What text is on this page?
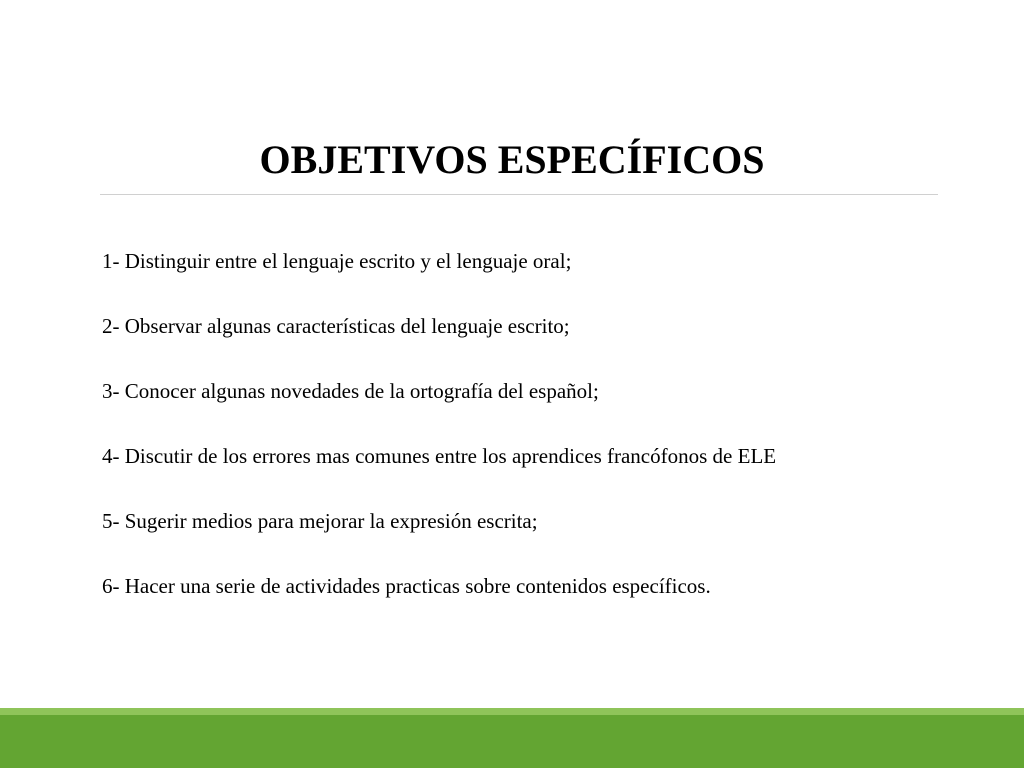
OBJETIVOS ESPECÍFICOS
1- Distinguir entre el lenguaje escrito y el lenguaje oral;
2- Observar algunas características del lenguaje escrito;
3- Conocer algunas novedades de la ortografía del español;
4- Discutir de los errores mas comunes entre los aprendices francófonos de ELE
5- Sugerir medios para mejorar la expresión escrita;
6- Hacer una serie de actividades practicas sobre contenidos específicos.
